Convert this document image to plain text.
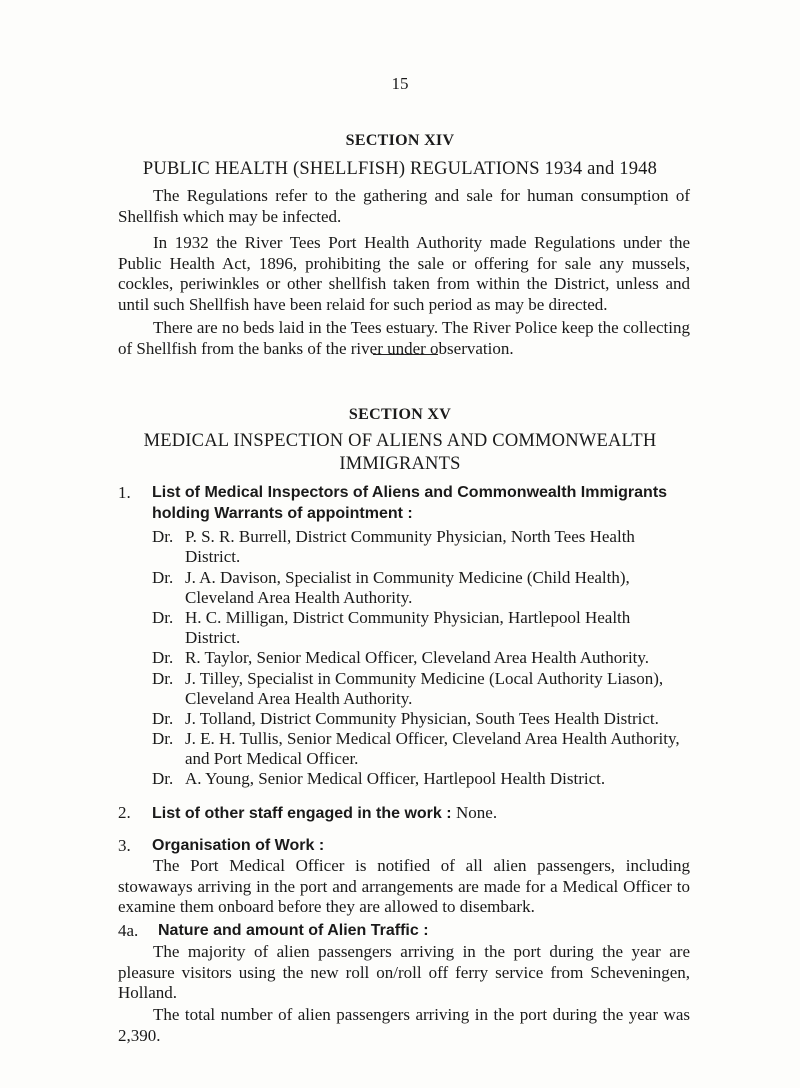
15
SECTION XIV
PUBLIC HEALTH (SHELLFISH) REGULATIONS 1934 and 1948

The Regulations refer to the gathering and sale for human consumption of Shellfish which may be infected.

In 1932 the River Tees Port Health Authority made Regulations under the Public Health Act, 1896, prohibiting the sale or offering for sale any mussels, cockles, periwinkles or other shellfish taken from within the District, unless and until such Shellfish have been relaid for such period as may be directed.

There are no beds laid in the Tees estuary. The River Police keep the collecting of Shellfish from the banks of the river under observation.

SECTION XV
MEDICAL INSPECTION OF ALIENS AND COMMONWEALTH
IMMIGRANTS
1. List of Medical Inspectors of Aliens and Commonwealth Immigrants holding Warrants of appointment :

Dr. P. S. R. Burrell, District Community Physician, North Tees Health
District.

Dr. J. A. Davison, Specialist in Community Medicine (Child Health),
Cleveland Area Health Authority.

Dr. H. C. Milligan, District Community Physician, Hartlepool Health
District.

Dr. R. Taylor, Senior Medical Officer, Cleveland Area Health Authority.

Dr. J. Tilley, Specialist in Community Medicine (Local Authority Liason),
Cleveland Area Health Authority.

Dr. J. Tolland, District Community Physician, South Tees Health District.

Dr. J. E. H. Tullis, Senior Medical Officer, Cleveland Area Health Authority,
and Port Medical Officer.

Dr. A. Young, Senior Medical Officer, Hartlepool Health District.

2. List of other staff engaged in the work : None.

3. Organisation of Work :

The Port Medical Officer is notified of all alien passengers, including stowaways arriving in the port and arrangements are made for a Medical Officer to examine them onboard before they are allowed to disembark.

4a. Nature and amount of Alien Traffic :

The majority of alien passengers arriving in the port during the year are pleasure visitors using the new roll on/roll off ferry service from Scheveningen, Holland.

The total number of alien passengers arriving in the port during the year was 2,390.
